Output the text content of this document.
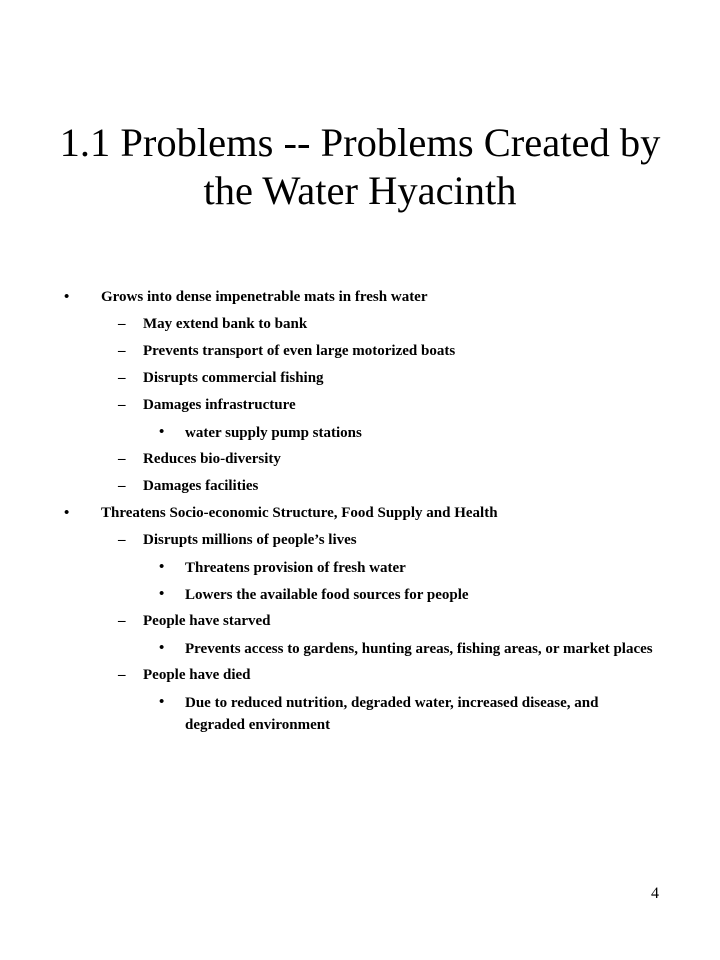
1.1 Problems -- Problems Created by the Water Hyacinth
• Grows into dense impenetrable mats in fresh water
– May extend bank to bank
– Prevents transport of even large motorized boats
– Disrupts commercial fishing
– Damages infrastructure
• water supply pump stations
– Reduces bio-diversity
– Damages facilities
• Threatens Socio-economic Structure, Food Supply and Health
– Disrupts millions of people’s lives
• Threatens provision of fresh water
• Lowers the available food sources for people
– People have starved
• Prevents access to gardens, hunting areas, fishing areas, or market places
– People have died
• Due to reduced nutrition, degraded water, increased disease, and degraded environment
4
